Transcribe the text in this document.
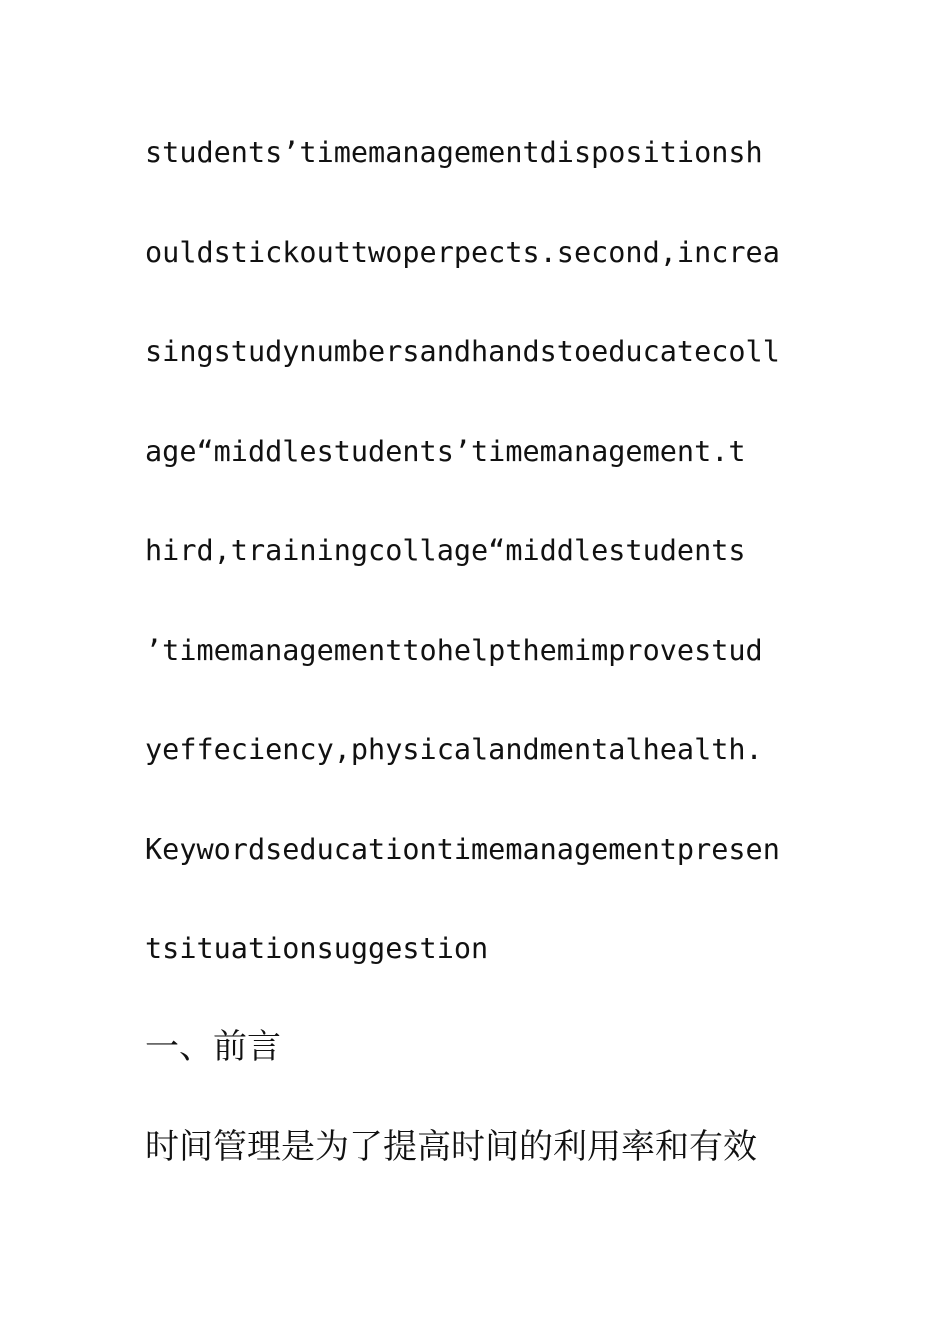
students’timemanagementdispositionsh
ouldstickouttwoperpects.second,increa
singstudynumbersandhandstoeducatecoll
age“middlestudents’timemanagement.t
hird,trainingcollage“middlestudents
’timemanagementtohelpthemimprovestud
yeffeciency,physicalandmentalhealth.
Keywordseducationtimemanagementpresen
tsituationsuggestion
一、前言
时间管理是为了提高时间的利用率和有效
